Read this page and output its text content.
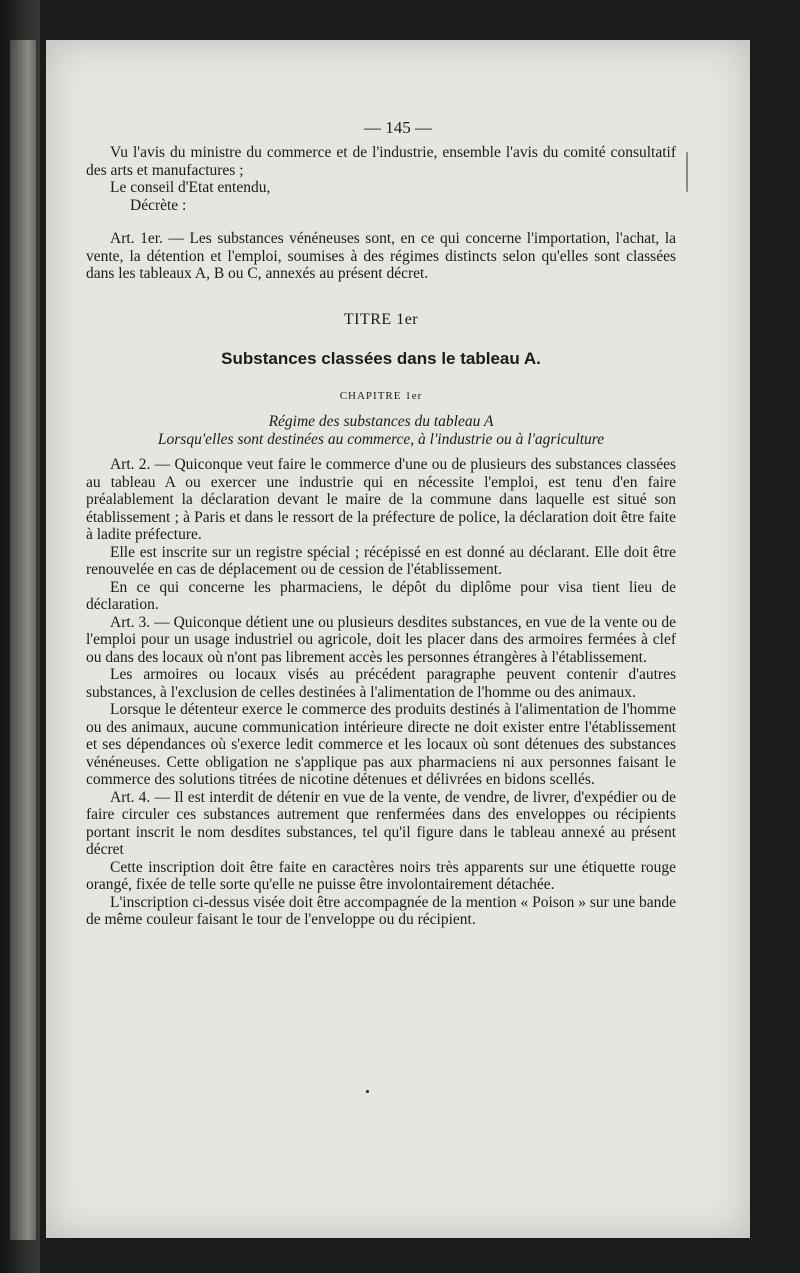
— 145 —

Vu l'avis du ministre du commerce et de l'industrie, ensemble l'avis du comité consultatif des arts et manufactures ;

Le conseil d'Etat entendu,

Décrète :

Art. 1er. — Les substances vénéneuses sont, en ce qui concerne l'importation, l'achat, la vente, la détention et l'emploi, soumises à des régimes distincts selon qu'elles sont classées dans les tableaux A, B ou C, annexés au présent décret.

TITRE 1er

Substances classées dans le tableau A.

CHAPITRE 1er

Régime des substances du tableau A

Lorsqu'elles sont destinées au commerce, à l'industrie ou à l'agriculture

Art. 2. — Quiconque veut faire le commerce d'une ou de plusieurs des substances classées au tableau A ou exercer une industrie qui en nécessite l'emploi, est tenu d'en faire préalablement la déclaration devant le maire de la commune dans laquelle est situé son établissement ; à Paris et dans le ressort de la préfecture de police, la déclaration doit être faite à ladite préfecture.

Elle est inscrite sur un registre spécial ; récépissé en est donné au déclarant. Elle doit être renouvelée en cas de déplacement ou de cession de l'établissement.

En ce qui concerne les pharmaciens, le dépôt du diplôme pour visa tient lieu de déclaration.

Art. 3. — Quiconque détient une ou plusieurs desdites substances, en vue de la vente ou de l'emploi pour un usage industriel ou agricole, doit les placer dans des armoires fermées à clef ou dans des locaux où n'ont pas librement accès les personnes étrangères à l'établissement.

Les armoires ou locaux visés au précédent paragraphe peuvent contenir d'autres substances, à l'exclusion de celles destinées à l'alimentation de l'homme ou des animaux.

Lorsque le détenteur exerce le commerce des produits destinés à l'alimentation de l'homme ou des animaux, aucune communication intérieure directe ne doit exister entre l'établissement et ses dépendances où s'exerce ledit commerce et les locaux où sont détenues des substances vénéneuses. Cette obligation ne s'applique pas aux pharmaciens ni aux personnes faisant le commerce des solutions titrées de nicotine détenues et délivrées en bidons scellés.

Art. 4. — Il est interdit de détenir en vue de la vente, de vendre, de livrer, d'expédier ou de faire circuler ces substances autrement que renfermées dans des enveloppes ou récipients portant inscrit le nom desdites substances, tel qu'il figure dans le tableau annexé au présent décret

Cette inscription doit être faite en caractères noirs très apparents sur une étiquette rouge orangé, fixée de telle sorte qu'elle ne puisse être involontairement détachée.

L'inscription ci-dessus visée doit être accompagnée de la mention « Poison » sur une bande de même couleur faisant le tour de l'enveloppe ou du récipient.
